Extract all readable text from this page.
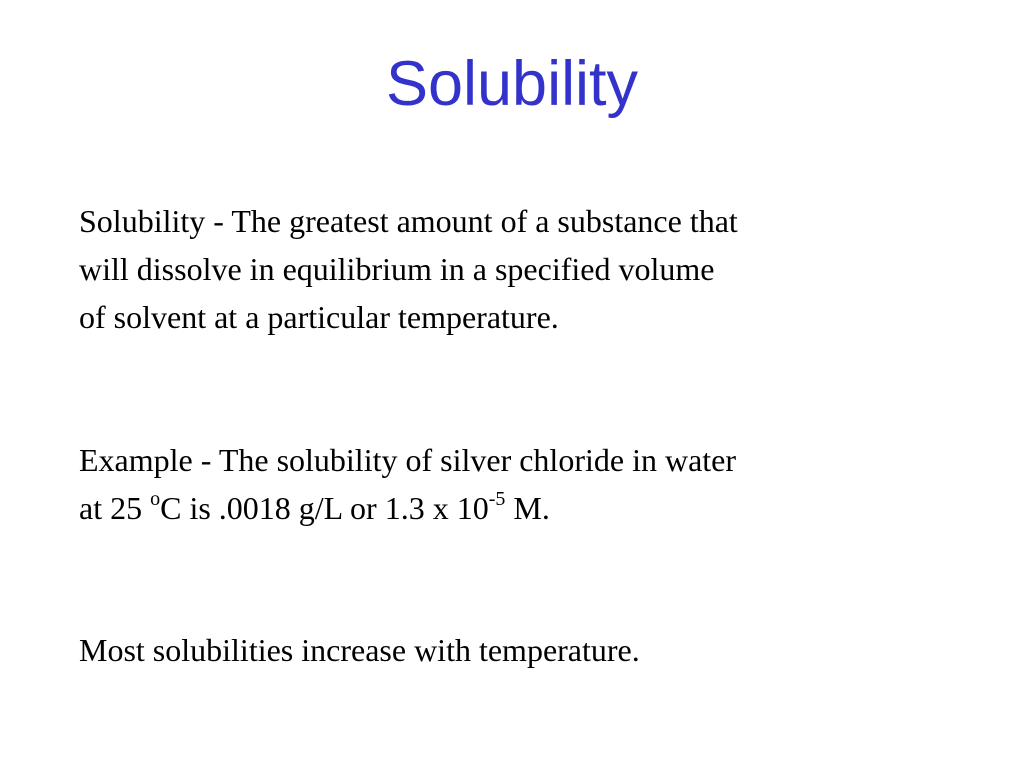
Solubility

Solubility - The greatest amount of a substance that
will dissolve in equilibrium in a specified volume
of solvent at a particular temperature.

Example - The solubility of silver chloride in water
at 25 $^o$C is .0018 g/L or 1.3 x $10^{-5}$ M.

Most solubilities increase with temperature.
